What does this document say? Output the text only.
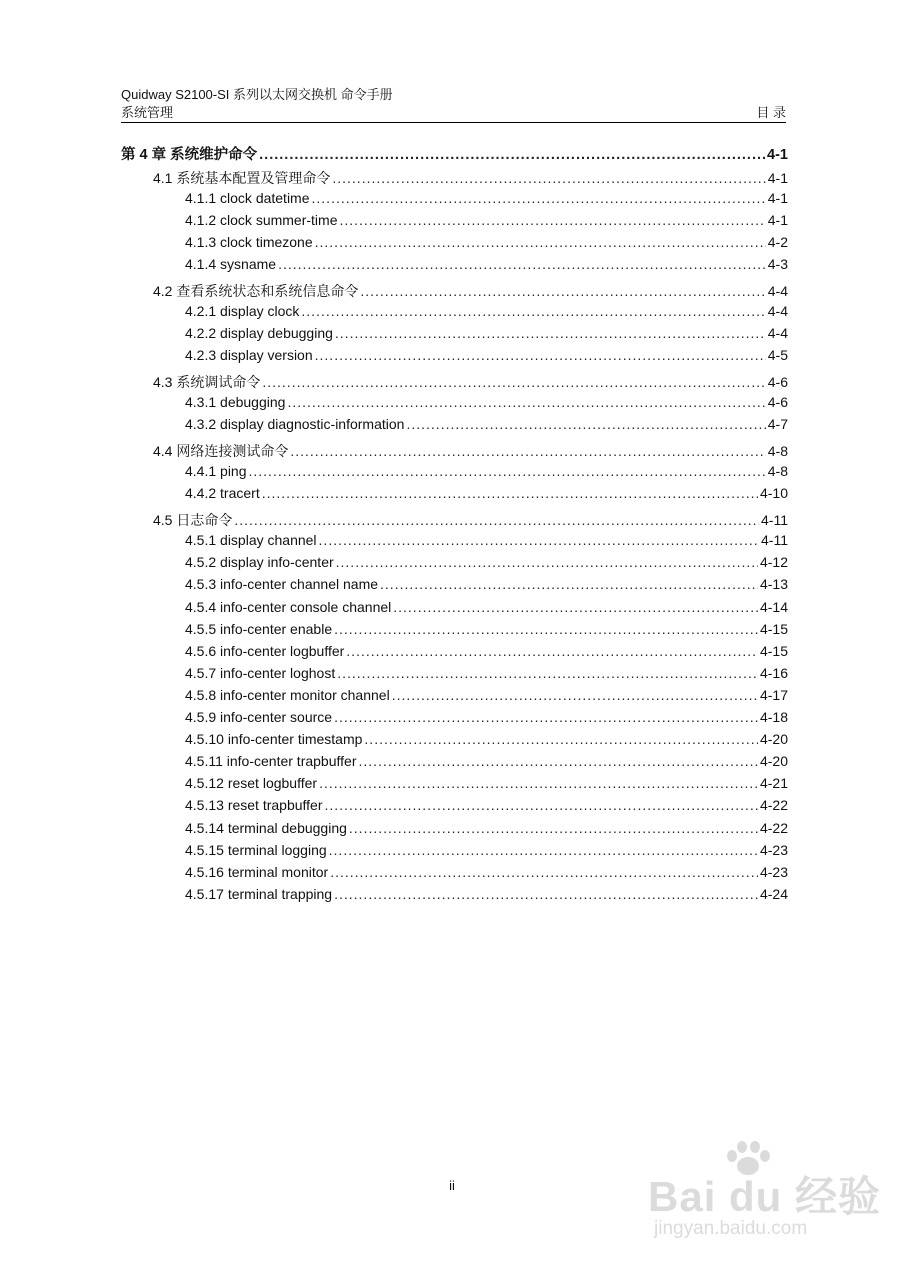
Quidway S2100-SI 系列以太网交换机 命令手册
系统管理	目 录
第 4 章 系统维护命令 .....	4-1
4.1 系统基本配置及管理命令 .....	4-1
4.1.1 clock datetime .....	4-1
4.1.2 clock summer-time .....	4-1
4.1.3 clock timezone .....	4-2
4.1.4 sysname .....	4-3
4.2 查看系统状态和系统信息命令 .....	4-4
4.2.1 display clock .....	4-4
4.2.2 display debugging .....	4-4
4.2.3 display version .....	4-5
4.3 系统调试命令 .....	4-6
4.3.1 debugging .....	4-6
4.3.2 display diagnostic-information .....	4-7
4.4 网络连接测试命令 .....	4-8
4.4.1 ping .....	4-8
4.4.2 tracert .....	4-10
4.5 日志命令 .....	4-11
4.5.1 display channel .....	4-11
4.5.2 display info-center .....	4-12
4.5.3 info-center channel name .....	4-13
4.5.4 info-center console channel .....	4-14
4.5.5 info-center enable .....	4-15
4.5.6 info-center logbuffer .....	4-15
4.5.7 info-center loghost .....	4-16
4.5.8 info-center monitor channel .....	4-17
4.5.9 info-center source .....	4-18
4.5.10 info-center timestamp .....	4-20
4.5.11 info-center trapbuffer .....	4-20
4.5.12 reset logbuffer .....	4-21
4.5.13 reset trapbuffer .....	4-22
4.5.14 terminal debugging .....	4-22
4.5.15 terminal logging .....	4-23
4.5.16 terminal monitor .....	4-23
4.5.17 terminal trapping .....	4-24
ii	Bai du 经验
jingyan.baidu.com
